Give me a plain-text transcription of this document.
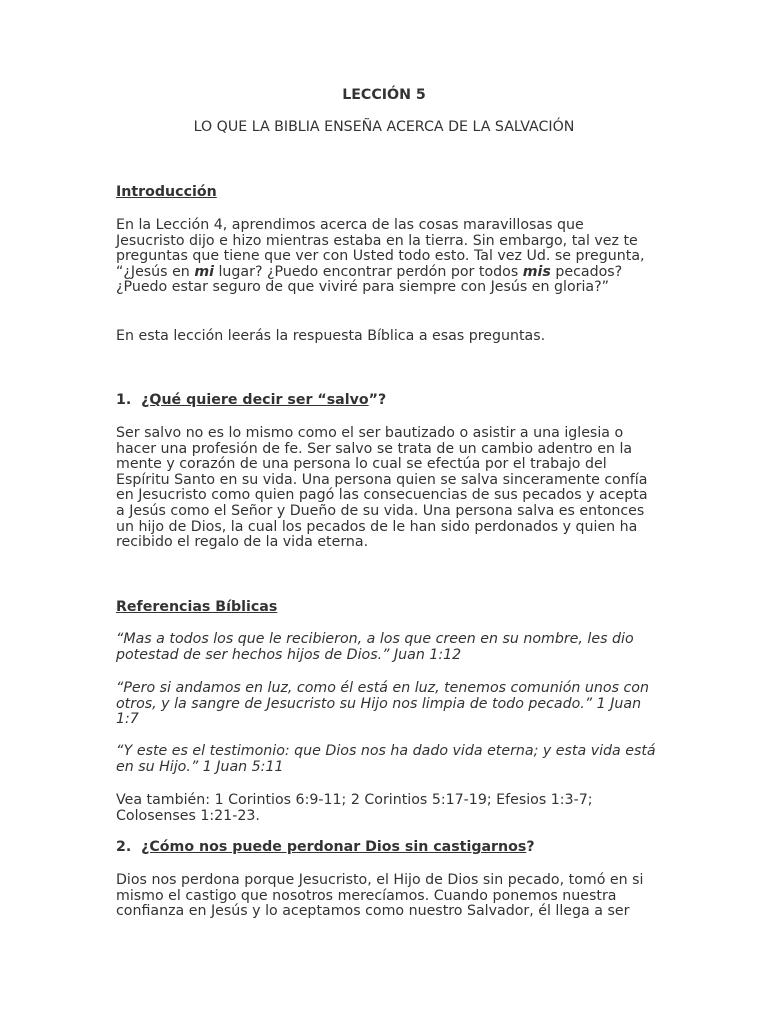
LECCIÓN 5

LO QUE LA BIBLIA ENSEÑA ACERCA DE LA SALVACIÓN

Introducción

En la Lección 4, aprendimos acerca de las cosas maravillosas que Jesucristo dijo e hizo mientras estaba en la tierra. Sin embargo, tal vez te preguntas que tiene que ver con Usted todo esto. Tal vez Ud. se pregunta, “¿Jesús en mi lugar? ¿Puedo encontrar perdón por todos mis pecados? ¿Puedo estar seguro de que viviré para siempre con Jesús en gloria?”

En esta lección leerás la respuesta Bíblica a esas preguntas.

1. ¿Qué quiere decir ser “salvo”?

Ser salvo no es lo mismo como el ser bautizado o asistir a una iglesia o hacer una profesión de fe. Ser salvo se trata de un cambio adentro en la mente y corazón de una persona lo cual se efectúa por el trabajo del Espíritu Santo en su vida. Una persona quien se salva sinceramente confía en Jesucristo como quien pagó las consecuencias de sus pecados y acepta a Jesús como el Señor y Dueño de su vida. Una persona salva es entonces un hijo de Dios, la cual los pecados de le han sido perdonados y quien ha recibido el regalo de la vida eterna.

Referencias Bíblicas

“Mas a todos los que le recibieron, a los que creen en su nombre, les dio potestad de ser hechos hijos de Dios.” Juan 1:12

“Pero si andamos en luz, como él está en luz, tenemos comunión unos con otros, y la sangre de Jesucristo su Hijo nos limpia de todo pecado.” 1 Juan 1:7

“Y este es el testimonio: que Dios nos ha dado vida eterna; y esta vida está en su Hijo.” 1 Juan 5:11

Vea también: 1 Corintios 6:9-11; 2 Corintios 5:17-19; Efesios 1:3-7; Colosenses 1:21-23.

2. ¿Cómo nos puede perdonar Dios sin castigarnos?

Dios nos perdona porque Jesucristo, el Hijo de Dios sin pecado, tomó en si mismo el castigo que nosotros merecíamos. Cuando ponemos nuestra confianza en Jesús y lo aceptamos como nuestro Salvador, él llega a ser
